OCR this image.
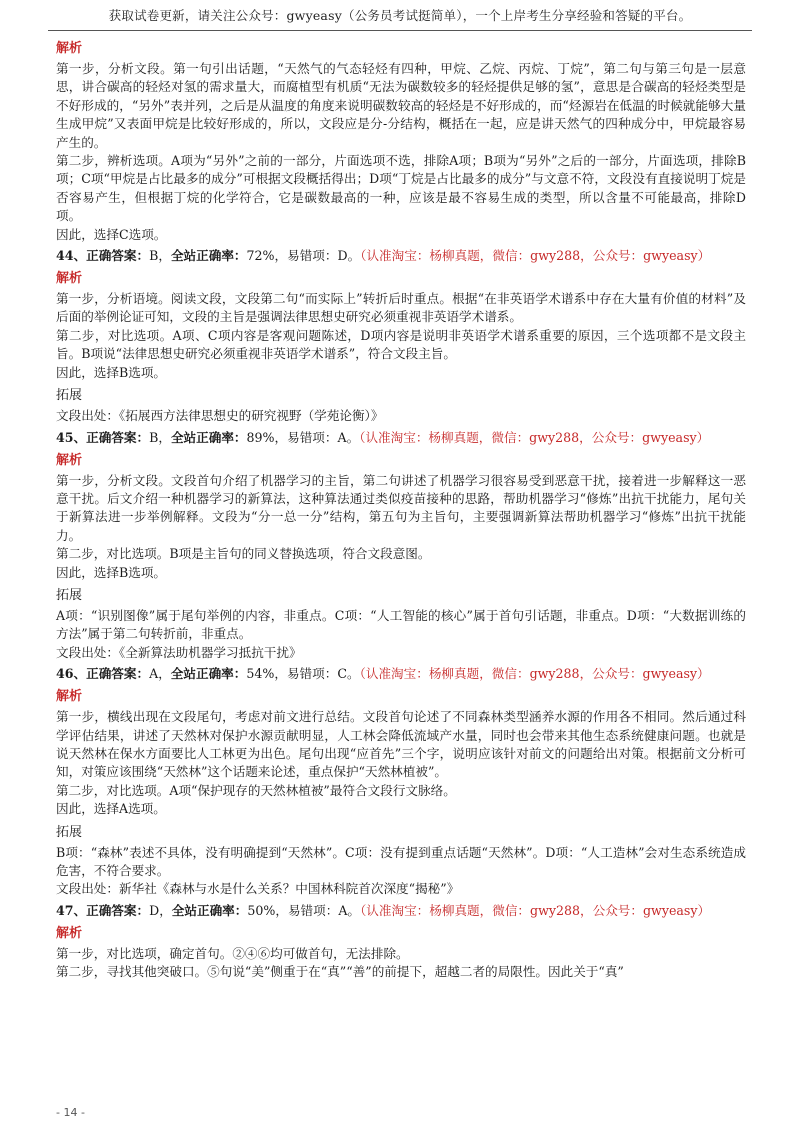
获取试卷更新，请关注公众号：gwyeasy（公务员考试挺简单），一个上岸考生分享经验和答疑的平台。
解析

第一步，分析文段。第一句引出话题，“天然气的气态轻烃有四种，甲烷、乙烷、丙烷、丁烷”，第二句与第三句是一层意思，讲合碳高的轻烃对氢的需求量大，而腐植型有机质“无法为碳数较多的轻烃提供足够的氢”，意思是合碳高的轻烃类型是不好形成的，“另外”表并列，之后是从温度的角度来说明碳数较高的轻烃是不好形成的，而“烃源岩在低温的时候就能够大量生成甲烷”又表面甲烷是比较好形成的，所以，文段应是分-分结构，概括在一起，应是讲天然气的四种成分中，甲烷最容易产生的。

第二步，辨析选项。A项为“另外”之前的一部分，片面选项不选，排除A项；B项为“另外”之后的一部分，片面选项，排除B项；C项“甲烷是占比最多的成分”可根据文段概括得出；D项“丁烷是占比最多的成分”与文意不符，文段没有直接说明丁烷是否容易产生，但根据丁烷的化学符合，它是碳数最高的一种，应该是最不容易生成的类型，所以含量不可能最高，排除D项。

因此，选择C选项。

44、正确答案：B，全站正确率：72%，易错项：D。（认准淘宝：杨柳真题，微信：gwy288，公众号：gwyeasy）
解析

第一步，分析语境。阅读文段，文段第二句“而实际上”转折后时重点。根据“在非英语学术谱系中存在大量有价值的材料”及后面的举例论证可知，文段的主旨是强调法律思想史研究必须重视非英语学术谱系。

第二步，对比选项。A项、C项内容是客观问题陈述，D项内容是说明非英语学术谱系重要的原因，三个选项都不是文段主旨。B项说“法律思想史研究必须重视非英语学术谱系”，符合文段主旨。

因此，选择B选项。

拓展

文段出处：《拓展西方法律思想史的研究视野（学苑论衡）》

45、正确答案：B，全站正确率：89%，易错项：A。（认准淘宝：杨柳真题，微信：gwy288，公众号：gwyeasy）
解析

第一步，分析文段。文段首句介绍了机器学习的主旨，第二句讲述了机器学习很容易受到恶意干扰，接着进一步解释这一恶意干扰。后文介绍一种机器学习的新算法，这种算法通过类似疫苗接种的思路，帮助机器学习“修炼”出抗干扰能力，尾句关于新算法进一步举例解释。文段为“分一总一分”结构，第五句为主旨句，主要强调新算法帮助机器学习“修炼”出抗干扰能力。

第二步，对比选项。B项是主旨句的同义替换选项，符合文段意图。

因此，选择B选项。

拓展

A项：“识别图像”属于尾句举例的内容，非重点。C项：“人工智能的核心”属于首句引话题，非重点。D项：“大数据训练的方法”属于第二句转折前，非重点。

文段出处：《全新算法助机器学习抵抗干扰》

46、正确答案：A，全站正确率：54%，易错项：C。（认准淘宝：杨柳真题，微信：gwy288，公众号：gwyeasy）
解析

第一步，横线出现在文段尾句，考虑对前文进行总结。文段首句论述了不同森林类型涵养水源的作用各不相同。然后通过科学评估结果，讲述了天然林对保护水源贡献明显，人工林会降低流域产水量，同时也会带来其他生态系统健康问题。也就是说天然林在保水方面要比人工林更为出色。尾句出现“应首先”三个字，说明应该针对前文的问题给出对策。根据前文分析可知，对策应该围绕“天然林”这个话题来论述，重点保护“天然林植被”。

第二步，对比选项。A项“保护现存的天然林植被”最符合文段行文脉络。

因此，选择A选项。

拓展

B项：“森林”表述不具体，没有明确提到“天然林”。C项：没有提到重点话题“天然林”。D项：“人工造林”会对生态系统造成危害，不符合要求。

文段出处：新华社《森林与水是什么关系？中国林科院首次深度“揭秘”》

47、正确答案：D，全站正确率：50%，易错项：A。（认准淘宝：杨柳真题，微信：gwy288，公众号：gwyeasy）
解析

第一步，对比选项，确定首句。②④⑥均可做首句，无法排除。

第二步，寻找其他突破口。⑤句说“美”侧重于在“真”“善”的前提下，超越二者的局限性。因此关于“真”

- 14 -
